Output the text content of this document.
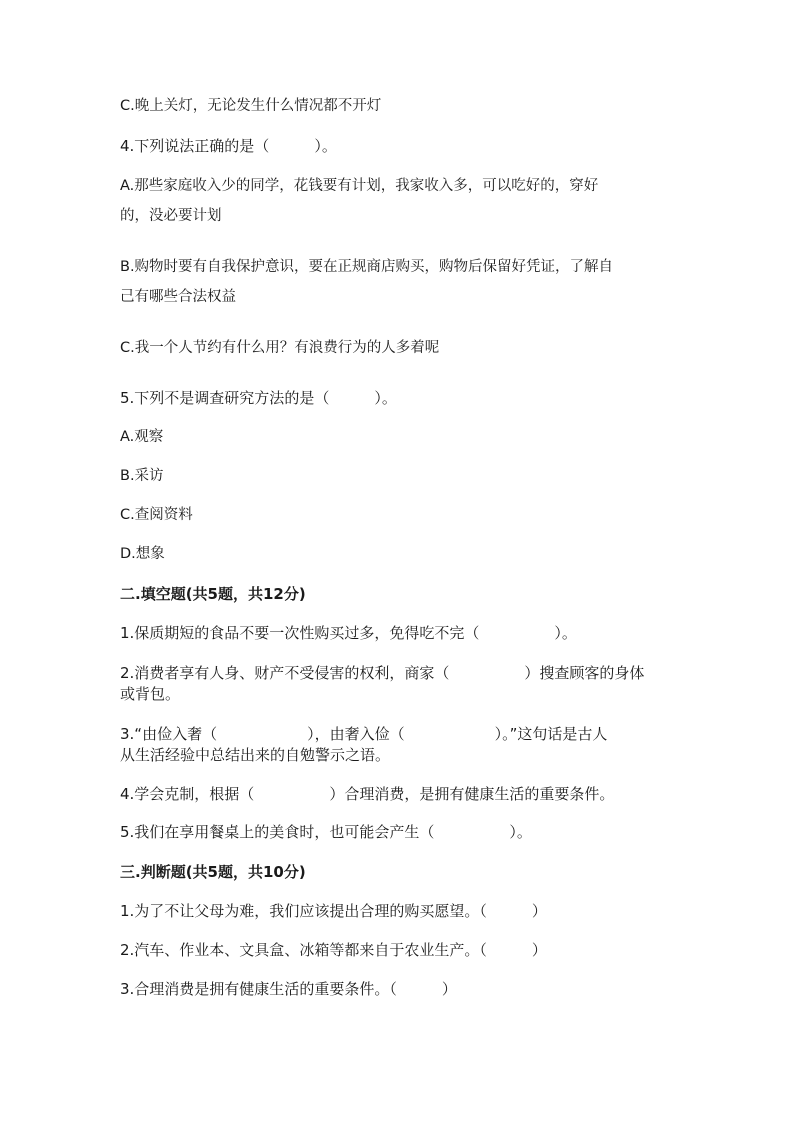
C.晚上关灯，无论发生什么情况都不开灯

4.下列说法正确的是（　　　）。

A.那些家庭收入少的同学，花钱要有计划，我家收入多，可以吃好的，穿好

的，没必要计划

B.购物时要有自我保护意识，要在正规商店购买，购物后保留好凭证，了解自

己有哪些合法权益

C.我一个人节约有什么用？有浪费行为的人多着呢

5.下列不是调查研究方法的是（　　　）。

A.观察

B.采访

C.查阅资料

D.想象

二.填空题(共5题，共12分)

1.保质期短的食品不要一次性购买过多，免得吃不完（　　　　　）。

2.消费者享有人身、财产不受侵害的权利，商家（　　　　　）搜查顾客的身体

或背包。

3.“由俭入奢（　　　　　　），由奢入俭（　　　　　　）。”这句话是古人

从生活经验中总结出来的自勉警示之语。

4.学会克制，根据（　　　　　）合理消费，是拥有健康生活的重要条件。

5.我们在享用餐桌上的美食时，也可能会产生（　　　　　）。

三.判断题(共5题，共10分)

1.为了不让父母为难，我们应该提出合理的购买愿望。（　　　）

2.汽车、作业本、文具盒、冰箱等都来自于农业生产。（　　　）

3.合理消费是拥有健康生活的重要条件。（　　　）
